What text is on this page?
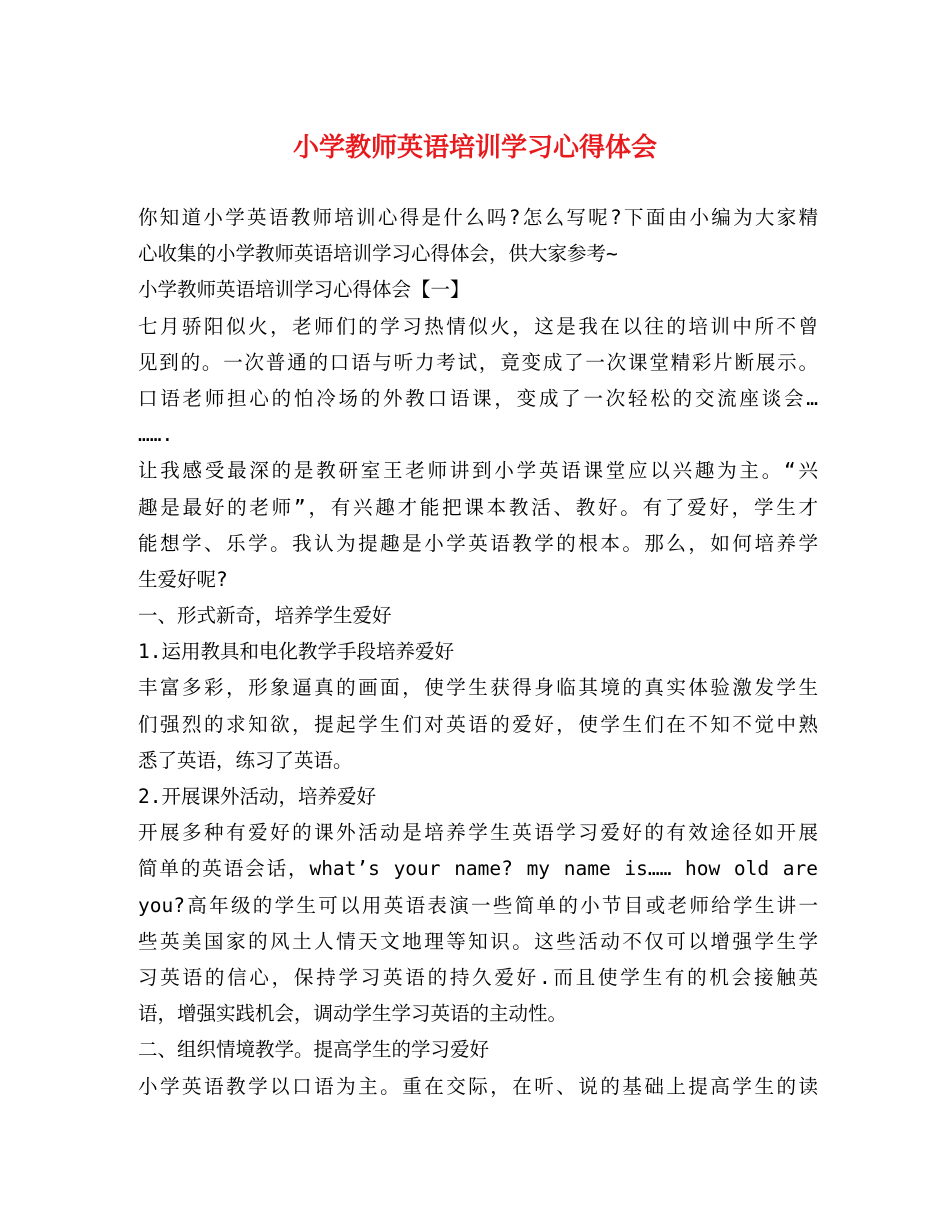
小学教师英语培训学习心得体会
你知道小学英语教师培训心得是什么吗?怎么写呢?下面由小编为大家精
心收集的小学教师英语培训学习心得体会，供大家参考~
小学教师英语培训学习心得体会【一】
七月骄阳似火，老师们的学习热情似火，这是我在以往的培训中所不曾
见到的。一次普通的口语与听力考试，竟变成了一次课堂精彩片断展示。
口语老师担心的怕冷场的外教口语课，变成了一次轻松的交流座谈会…
…….
让我感受最深的是教研室王老师讲到小学英语课堂应以兴趣为主。“兴
趣是最好的老师”，有兴趣才能把课本教活、教好。有了爱好，学生才
能想学、乐学。我认为提趣是小学英语教学的根本。那么，如何培养学
生爱好呢?
一、形式新奇，培养学生爱好
1.运用教具和电化教学手段培养爱好
丰富多彩，形象逼真的画面，使学生获得身临其境的真实体验激发学生
们强烈的求知欲，提起学生们对英语的爱好，使学生们在不知不觉中熟
悉了英语，练习了英语。
2.开展课外活动，培养爱好
开展多种有爱好的课外活动是培养学生英语学习爱好的有效途径如开展
简单的英语会话，what’s your name? my name is…… how old are
you?高年级的学生可以用英语表演一些简单的小节目或老师给学生讲一
些英美国家的风土人情天文地理等知识。这些活动不仅可以增强学生学
习英语的信心，保持学习英语的持久爱好.而且使学生有的机会接触英
语，增强实践机会，调动学生学习英语的主动性。
二、组织情境教学。提高学生的学习爱好
小学英语教学以口语为主。重在交际，在听、说的基础上提高学生的读
